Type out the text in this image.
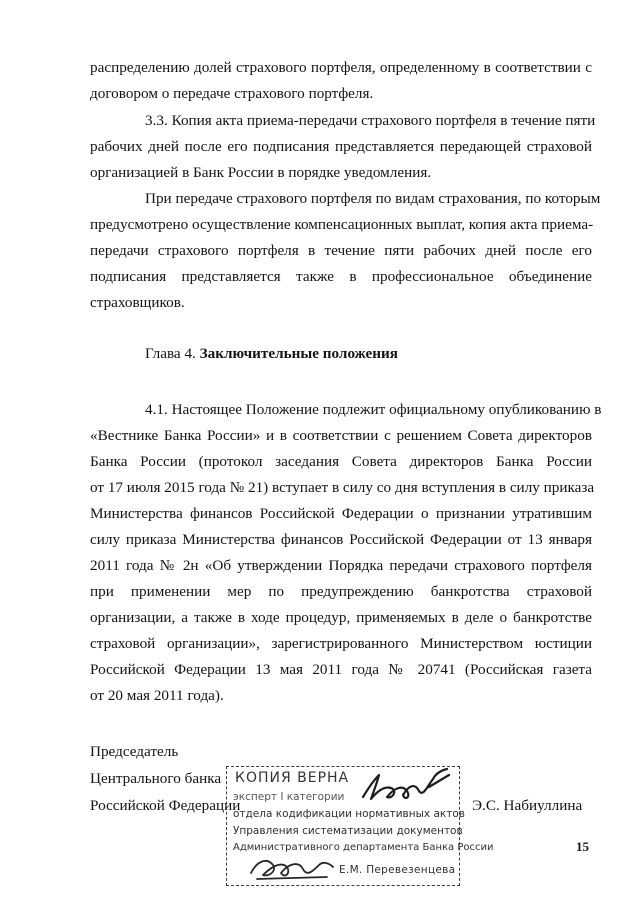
Глава 4. Заключительные положения
Председатель
Центрального банка
Российской Федерации	Э.С. Набиуллина
КОПИЯ ВЕРНА
эксперт I категории
отдела кодификации нормативных актов
Управления систематизации документов
Административного департамента Банка России
Е.М. Перевезенцева
15
распределению долей страхового портфеля, определенному в соответствии с
договором о передаче страхового портфеля.
3.3. Копия акта приема-передачи страхового портфеля в течение пяти
рабочих дней после его подписания представляется передающей страховой
организацией в Банк России в порядке уведомления.
При передаче страхового портфеля по видам страхования, по которым
предусмотрено осуществление компенсационных выплат, копия акта приема-
передачи страхового портфеля в течение пяти рабочих дней после его
подписания представляется также в профессиональное объединение
страховщиков.
4.1. Настоящее Положение подлежит официальному опубликованию в
«Вестнике Банка России» и в соответствии с решением Совета директоров
Банка России (протокол заседания Совета директоров Банка России
от 17 июля 2015 года № 21) вступает в силу со дня вступления в силу приказа
Министерства финансов Российской Федерации о признании утратившим
силу приказа Министерства финансов Российской Федерации от 13 января
2011 года № 2н «Об утверждении Порядка передачи страхового портфеля
при применении мер по предупреждению банкротства страховой
организации, а также в ходе процедур, применяемых в деле о банкротстве
страховой организации», зарегистрированного Министерством юстиции
Российской Федерации 13 мая 2011 года № 20741 (Российская газета
от 20 мая 2011 года).
